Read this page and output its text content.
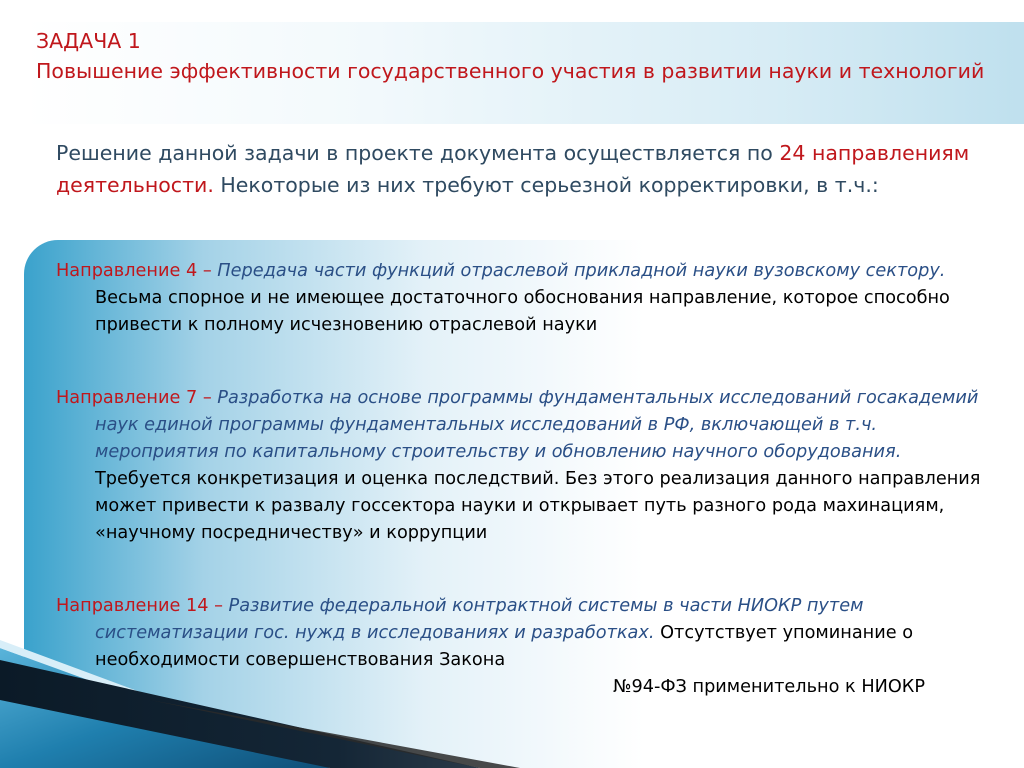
ЗАДАЧА 1
Повышение эффективности государственного участия в развитии науки и технологий
Решение данной задачи в проекте документа осуществляется по 24 направлениям деятельности. Некоторые из них требуют серьезной корректировки, в т.ч.:
Направление 4 – Передача части функций отраслевой прикладной науки вузовскому сектору. Весьма спорное и не имеющее достаточного обоснования направление, которое способно привести к полному исчезновению отраслевой науки
Направление 7 – Разработка на основе программы фундаментальных исследований госакадемий наук единой программы фундаментальных исследований в РФ, включающей в т.ч. мероприятия по капитальному строительству и обновлению научного оборудования. Требуется конкретизация и оценка последствий. Без этого реализация данного направления может привести к развалу госсектора науки и открывает путь разного рода махинациям, «научному посредничеству» и коррупции
Направление 14 – Развитие федеральной контрактной системы в части НИОКР путем систематизации гос. нужд в исследованиях и разработках. Отсутствует упоминание о необходимости совершенствования Закона
№94-ФЗ применительно к НИОКР
